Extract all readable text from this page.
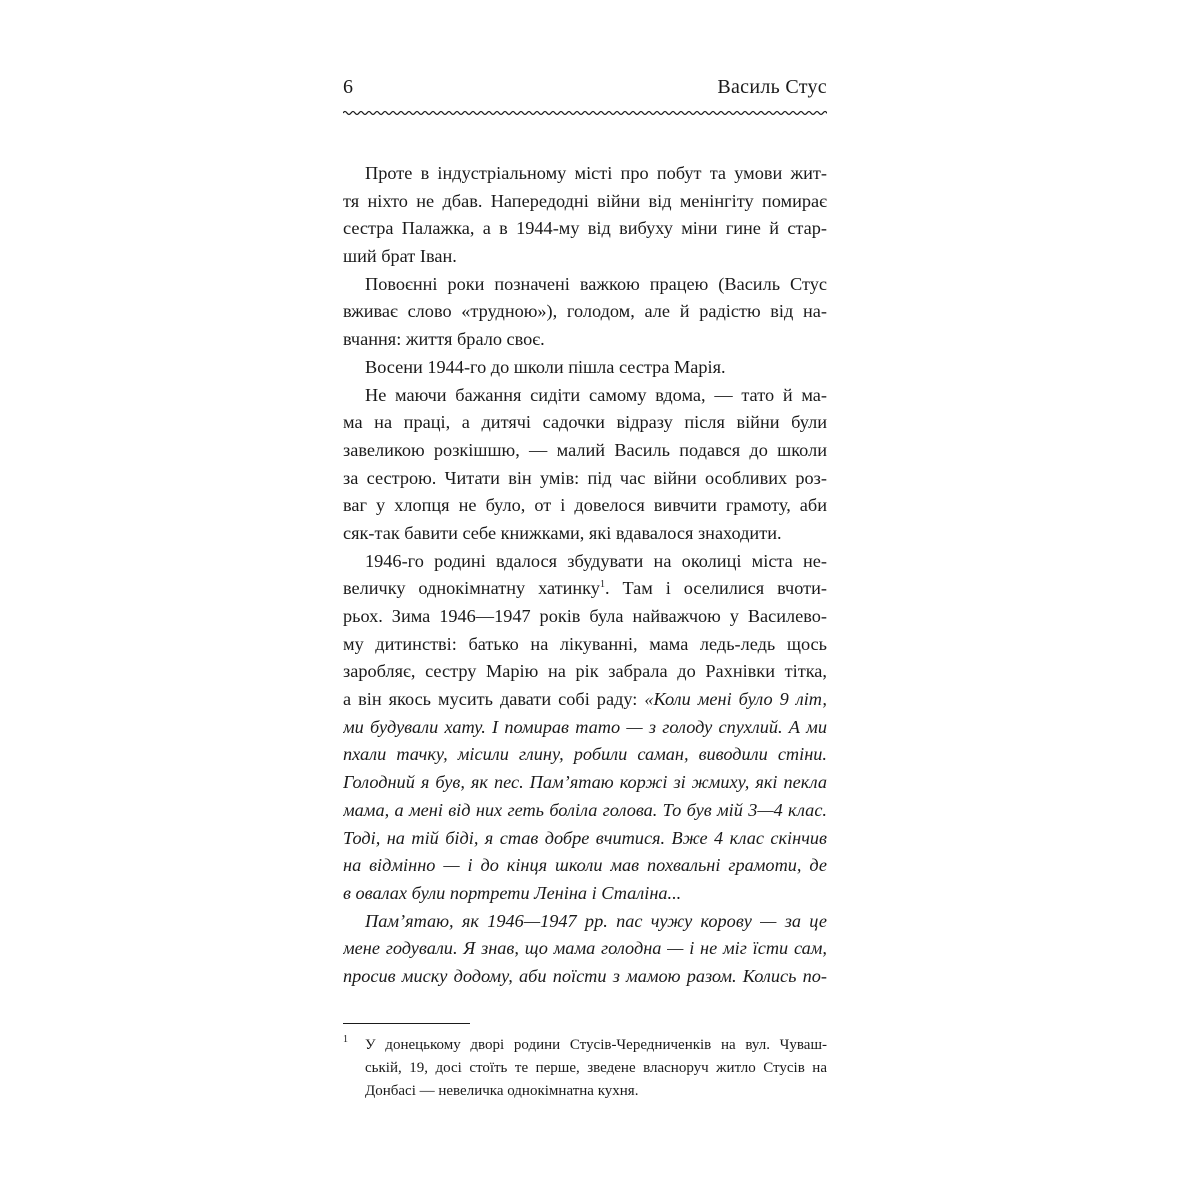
6	Василь Стус
Проте в індустріальному місті про побут та умови жит-
тя ніхто не дбав. Напередодні війни від менінгіту помирає
сестра Палажка, а в 1944-му від вибуху міни гине й стар-
ший брат Іван.
Повоєнні роки позначені важкою працею (Василь Стус
вживає слово «трудною»), голодом, але й радістю від на-
вчання: життя брало своє.
Восени 1944-го до школи пішла сестра Марія.
Не маючи бажання сидіти самому вдома, — тато й ма-
ма на праці, а дитячі садочки відразу після війни були
завеликою розкішшю, — малий Василь подався до школи
за сестрою. Читати він умів: під час війни особливих роз-
ваг у хлопця не було, от і довелося вивчити грамоту, аби
сяк-так бавити себе книжками, які вдавалося знаходити.
1946-го родині вдалося збудувати на околиці міста не-
величку однокімнатну хатинку$^1$. Там і оселилися вчоти-
рьох. Зима 1946—1947 років була найважчою у Василево-
му дитинстві: батько на лікуванні, мама ледь-ледь щось
заробляє, сестру Марію на рік забрала до Рахнівки тітка,
а він якось мусить давати собі раду: «Коли мені було 9 літ,
ми будували хату. І помирав тато — з голоду спухлий. А ми
пхали тачку, місили глину, робили саман, виводили стіни.
Голодний я був, як пес. Пам’ятаю коржі зі жмиху, які пекла
мама, а мені від них геть боліла голова. То був мій 3—4 клас.
Тоді, на тій біді, я став добре вчитися. Вже 4 клас скінчив
на відмінно — і до кінця школи мав похвальні грамоти, де
в овалах були портрети Леніна і Сталіна...
Пам’ятаю, як 1946—1947 рр. пас чужу корову — за це
мене годували. Я знав, що мама голодна — і не міг їсти сам,
просив миску додому, аби поїсти з мамою разом. Колись по-
1 У донецькому дворі родини Стусів-Чередниченків на вул. Чуваш-
ській, 19, досі стоїть те перше, зведене власноруч житло Стусів на
Донбасі — невеличка однокімнатна кухня.
